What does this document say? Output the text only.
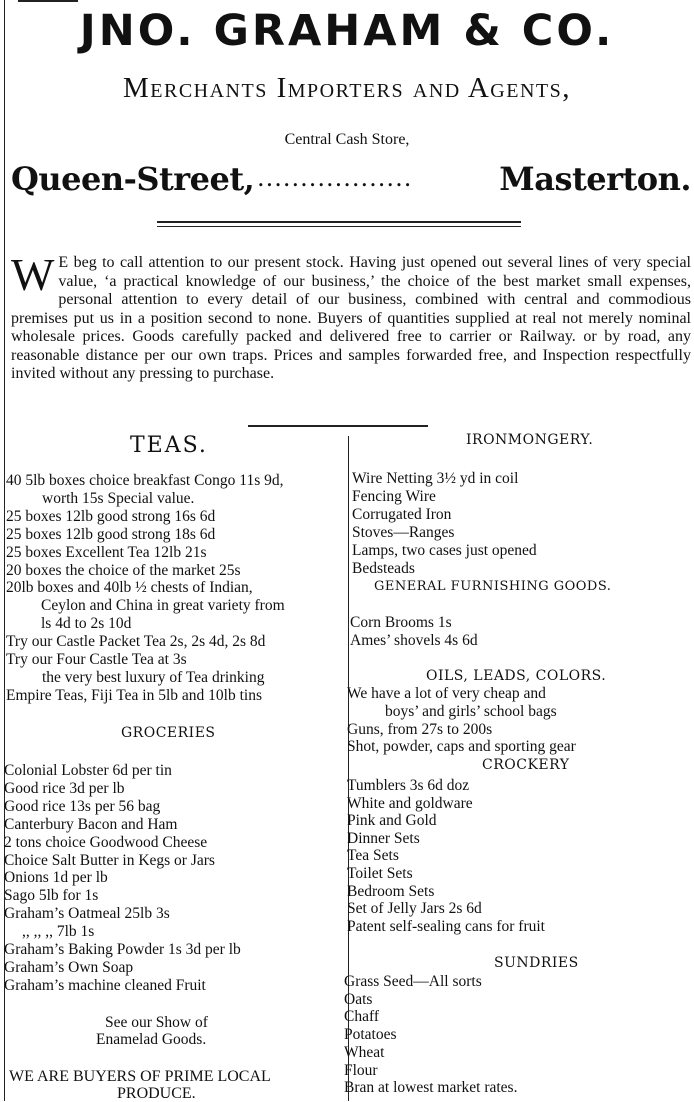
JNO. GRAHAM & CO.
Merchants Importers and Agents,
Central Cash Store,
Queen-Street, ..................	Masterton.
W E beg to call attention to our present stock. Having just opened out several lines of very special value, ‘a practical knowledge of our business,’ the choice of the best market small expenses, personal attention to every detail of our business, combined with central and commodious premises put us in a position second to none. Buyers of quantities supplied at real not merely nominal wholesale prices. Goods carefully packed and delivered free to carrier or Railway. or by road, any reasonable distance per our own traps. Prices and samples forwarded free, and Inspection respectfully invited without any pressing to purchase.
TEAS.
40 5lb boxes choice breakfast Congo 11s 9d,
worth 15s Special value.
25 boxes 12lb good strong 16s 6d
25 boxes 12lb good strong 18s 6d
25 boxes Excellent Tea 12lb 21s
20 boxes the choice of the market 25s
20lb boxes and 40lb ½ chests of Indian,
Ceylon and China in great variety from
ls 4d to 2s 10d
Try our Castle Packet Tea 2s, 2s 4d, 2s 8d
Try our Four Castle Tea at 3s
the very best luxury of Tea drinking
Empire Teas, Fiji Tea in 5lb and 10lb tins
GROCERIES
Colonial Lobster 6d per tin
Good rice 3d per lb
Good rice 13s per 56 bag
Canterbury Bacon and Ham
2 tons choice Goodwood Cheese
Choice Salt Butter in Kegs or Jars
Onions 1d per lb
Sago 5lb for 1s
Graham’s Oatmeal 25lb 3s
,, ,, ,, 7lb 1s
Graham’s Baking Powder 1s 3d per lb
Graham’s Own Soap
Graham’s machine cleaned Fruit
See our Show of
Enamelad Goods.
WE ARE BUYERS OF PRIME LOCAL
PRODUCE.
IRONMONGERY.
Wire Netting 3½ yd in coil
Fencing Wire
Corrugated Iron
Stoves—Ranges
Lamps, two cases just opened
Bedsteads
GENERAL FURNISHING GOODS.
Corn Brooms 1s
Ames’ shovels 4s 6d
OILS, LEADS, COLORS.
We have a lot of very cheap and
boys’ and girls’ school bags
Guns, from 27s to 200s
Shot, powder, caps and sporting gear
CROCKERY
Tumblers 3s 6d doz
White and goldware
Pink and Gold
Dinner Sets
Tea Sets
Toilet Sets
Bedroom Sets
Set of Jelly Jars 2s 6d
Patent self-sealing cans for fruit
SUNDRIES
Grass Seed—All sorts
Oats
Chaff
Potatoes
Wheat
Flour
Bran at lowest market rates.
